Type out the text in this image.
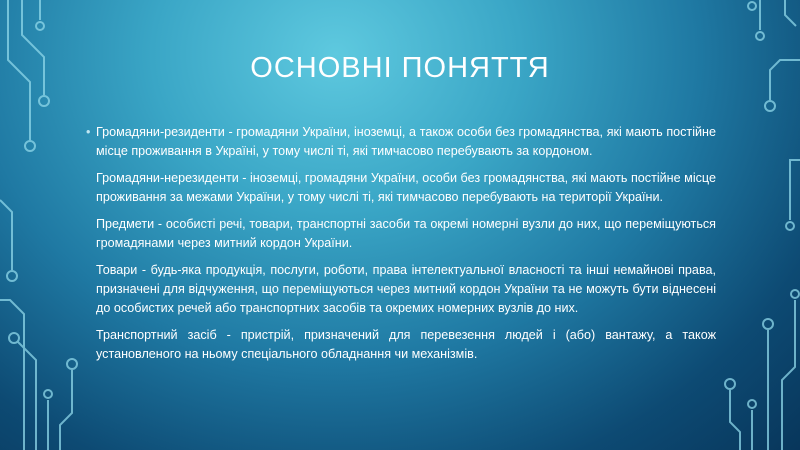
ОСНОВНІ ПОНЯТТЯ
• Громадяни-резиденти - громадяни України, іноземці, а також особи без громадянства, які мають постійне місце проживання в Україні, у тому числі ті, які тимчасово перебувають за кордоном.
Громадяни-нерезиденти - іноземці, громадяни України, особи без громадянства, які мають постійне місце проживання за межами України, у тому числі ті, які тимчасово перебувають на території України.
Предмети - особисті речі, товари, транспортні засоби та окремі номерні вузли до них, що переміщуються громадянами через митний кордон України.
Товари - будь-яка продукція, послуги, роботи, права інтелектуальної власності та інші немайнові права, призначені для відчуження, що переміщуються через митний кордон України та не можуть бути віднесені до особистих речей або транспортних засобів та окремих номерних вузлів до них.
Транспортний засіб - пристрій, призначений для перевезення людей і (або) вантажу, а також установленого на ньому спеціального обладнання чи механізмів.
